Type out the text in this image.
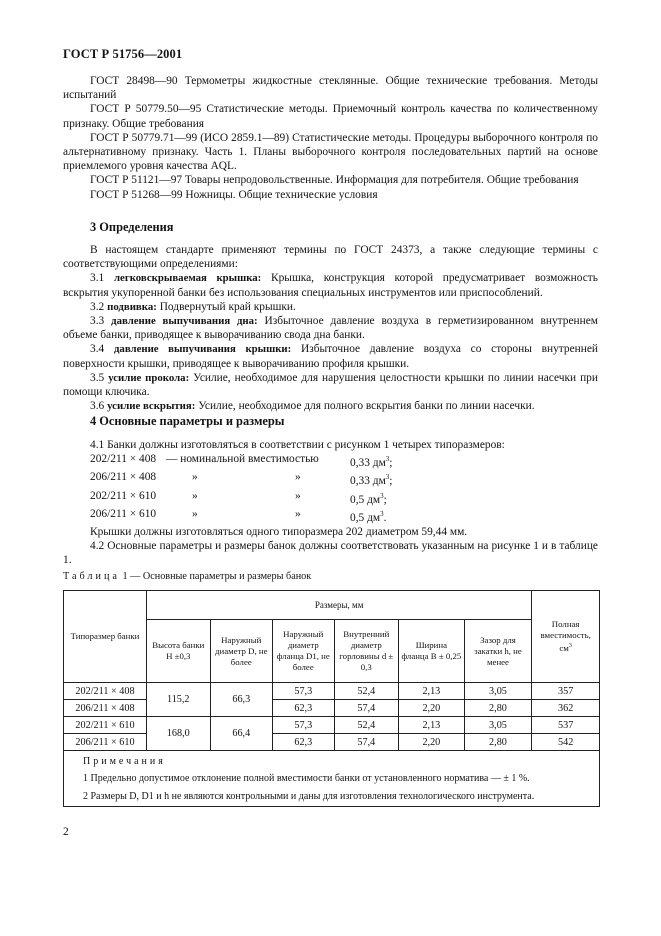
ГОСТ Р 51756—2001

ГОСТ 28498—90 Термометры жидкостные стеклянные. Общие технические требования. Методы испытаний

ГОСТ Р 50779.50—95 Статистические методы. Приемочный контроль качества по количественному признаку. Общие требования

ГОСТ Р 50779.71—99 (ИСО 2859.1—89) Статистические методы. Процедуры выборочного контроля по альтернативному признаку. Часть 1. Планы выборочного контроля последовательных партий на основе приемлемого уровня качества AQL.

ГОСТ Р 51121—97 Товары непродовольственные. Информация для потребителя. Общие требования

ГОСТ Р 51268—99 Ножницы. Общие технические условия

3 Определения

В настоящем стандарте применяют термины по ГОСТ 24373, а также следующие термины с соответствующими определениями:

3.1 легковскрываемая крышка: Крышка, конструкция которой предусматривает возможность вскрытия укупоренной банки без использования специальных инструментов или приспособлений.

3.2 подвивка: Подвернутый край крышки.

3.3 давление выпучивания дна: Избыточное давление воздуха в герметизированном внутреннем объеме банки, приводящее к выворачиванию свода дна банки.

3.4 давление выпучивания крышки: Избыточное давление воздуха со стороны внутренней поверхности крышки, приводящее к выворачиванию профиля крышки.

3.5 усилие прокола: Усилие, необходимое для нарушения целостности крышки по линии насечки при помощи ключика.

3.6 усилие вскрытия: Усилие, необходимое для полного вскрытия банки по линии насечки.

4 Основные параметры и размеры

4.1 Банки должны изготовляться в соответствии с рисунком 1 четырех типоразмеров:

202/211 × 408	— номинальной вместимостью		0,33 $дм^3$;
206/211 × 408	»	»	0,33 $дм^3$;
202/211 × 610	»	»	0,5 $дм^3$;
206/211 × 610	»	»	0,5 $дм^3$.

Крышки должны изготовляться одного типоразмера 202 диаметром 59,44 мм.

4.2 Основные параметры и размеры банок должны соответствовать указанным на рисунке 1 и в таблице 1.

Таблица 1 — Основные параметры и размеры банок

Типоразмер банки	Размеры, мм						Полная вместимость, $см^3$
	Высота банки H ±0,3	Наружный диаметр D, не более	Наружный диаметр фланца D1, не более	Внутренний диаметр горловины d ± 0,3	Ширина фланца B ± 0,25	Зазор для закатки h, не менее	
202/211 × 408	115,2	66,3	57,3	52,4	2,13	3,05	357
206/211 × 408			62,3	57,4	2,20	2,80	362
202/211 × 610	168,0	66,4	57,3	52,4	2,13	3,05	537
206/211 × 610			62,3	57,4	2,20	2,80	542
Примечания							
1 Предельно допустимое отклонение полной вместимости банки от установленного норматива — ± 1 %.							
2 Размеры D, D1 и h не являются контрольными и даны для изготовления технологического инструмента.							

2
